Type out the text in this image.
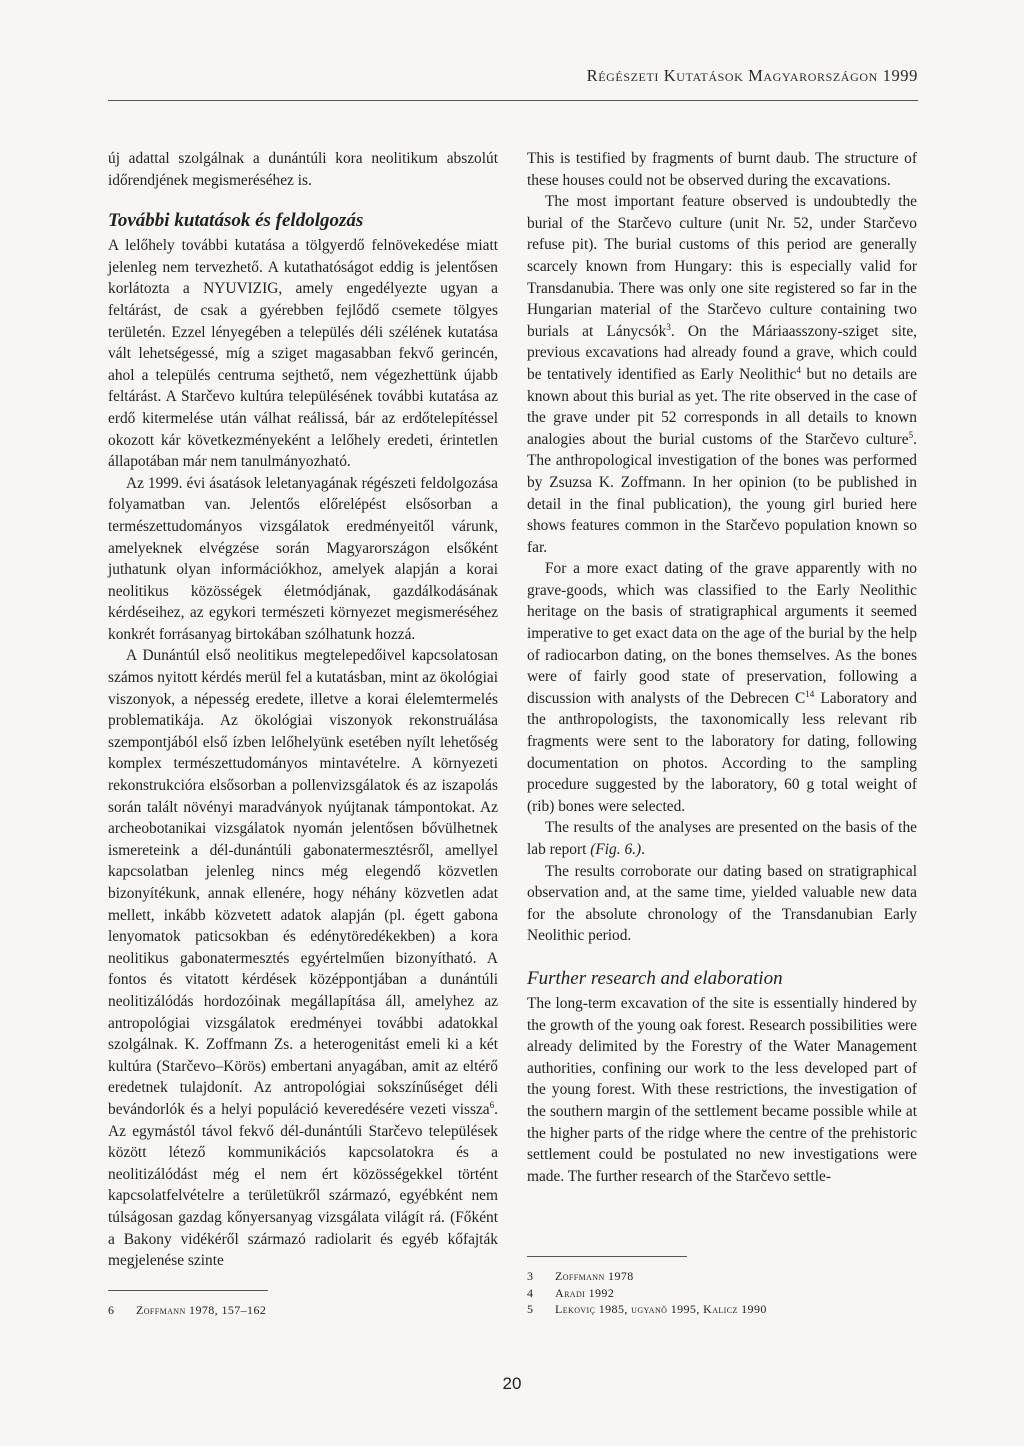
Régészeti Kutatások Magyarországon 1999

új adattal szolgálnak a dunántúli kora neolitikum abszolút időrendjének megismeréséhez is.

További kutatások és feldolgozás

A lelőhely további kutatása a tölgyerdő felnövekedése miatt jelenleg nem tervezhető. A kutathatóságot eddig is jelentősen korlátozta a NYUVIZIG, amely engedélyezte ugyan a feltárást, de csak a gyérebben fejlődő csemete tölgyes területén. Ezzel lényegében a település déli szélének kutatása vált lehetségessé, míg a sziget magasabban fekvő gerincén, ahol a település centruma sejthető, nem végezhettünk újabb feltárást. A Starčevo kultúra településének további kutatása az erdő kitermelése után válhat reálissá, bár az erdőtelepítéssel okozott kár következményeként a lelőhely eredeti, érintetlen állapotában már nem tanulmányozható.

Az 1999. évi ásatások leletanyagának régészeti feldolgozása folyamatban van. Jelentős előrelépést elsősorban a természettudományos vizsgálatok eredményeitől várunk, amelyeknek elvégzése során Magyarországon elsőként juthatunk olyan információkhoz, amelyek alapján a korai neolitikus közösségek életmódjának, gazdálkodásának kérdéseihez, az egykori természeti környezet megismeréséhez konkrét forrásanyag birtokában szólhatunk hozzá.

A Dunántúl első neolitikus megtelepedőivel kapcsolatosan számos nyitott kérdés merül fel a kutatásban, mint az ökológiai viszonyok, a népesség eredete, illetve a korai élelemtermelés problematikája. Az ökológiai viszonyok rekonstruálása szempontjából első ízben lelőhelyünk esetében nyílt lehetőség komplex természettudományos mintavételre. A környezeti rekonstrukcióra elsősorban a pollenvizsgálatok és az iszapolás során talált növényi maradványok nyújtanak támpontokat. Az archeobotanikai vizsgálatok nyomán jelentősen bővülhetnek ismereteink a dél-dunántúli gabonatermesztésről, amellyel kapcsolatban jelenleg nincs még elegendő közvetlen bizonyítékunk, annak ellenére, hogy néhány közvetlen adat mellett, inkább közvetett adatok alapján (pl. égett gabona lenyomatok paticsokban és edénytöredékekben) a kora neolitikus gabonatermesztés egyértelműen bizonyítható. A fontos és vitatott kérdések középpontjában a dunántúli neolitizálódás hordozóinak megállapítása áll, amelyhez az antropológiai vizsgálatok eredményei további adatokkal szolgálnak. K. Zoffmann Zs. a heterogenitást emeli ki a két kultúra (Starčevo–Körös) embertani anyagában, amit az eltérő eredetnek tulajdonít. Az antropológiai sokszínűséget déli bevándorlók és a helyi populáció keveredésére vezeti vissza$^6$. Az egymástól távol fekvő dél-dunántúli Starčevo települések között létező kommunikációs kapcsolatokra és a neolitizálódást még el nem ért közösségekkel történt kapcsolatfelvételre a területükről származó, egyébként nem túlságosan gazdag kőnyersanyag vizsgálata világít rá. (Főként a Bakony vidékéről származó radiolarit és egyéb kőfajták megjelenése szinte

This is testified by fragments of burnt daub. The structure of these houses could not be observed during the excavations.

The most important feature observed is undoubtedly the burial of the Starčevo culture (unit Nr. 52, under Starčevo refuse pit). The burial customs of this period are generally scarcely known from Hungary: this is especially valid for Transdanubia. There was only one site registered so far in the Hungarian material of the Starčevo culture containing two burials at Lánycsók$^3$. On the Máriaasszony-sziget site, previous excavations had already found a grave, which could be tentatively identified as Early Neolithic$^4$ but no details are known about this burial as yet. The rite observed in the case of the grave under pit 52 corresponds in all details to known analogies about the burial customs of the Starčevo culture$^5$. The anthropological investigation of the bones was performed by Zsuzsa K. Zoffmann. In her opinion (to be published in detail in the final publication), the young girl buried here shows features common in the Starčevo population known so far.

For a more exact dating of the grave apparently with no grave-goods, which was classified to the Early Neolithic heritage on the basis of stratigraphical arguments it seemed imperative to get exact data on the age of the burial by the help of radiocarbon dating, on the bones themselves. As the bones were of fairly good state of preservation, following a discussion with analysts of the Debrecen $C^{14}$ Laboratory and the anthropologists, the taxonomically less relevant rib fragments were sent to the laboratory for dating, following documentation on photos. According to the sampling procedure suggested by the laboratory, 60 g total weight of (rib) bones were selected.

The results of the analyses are presented on the basis of the lab report (Fig. 6.).

The results corroborate our dating based on stratigraphical observation and, at the same time, yielded valuable new data for the absolute chronology of the Transdanubian Early Neolithic period.

Further research and elaboration

The long-term excavation of the site is essentially hindered by the growth of the young oak forest. Research possibilities were already delimited by the Forestry of the Water Management authorities, confining our work to the less developed part of the young forest. With these restrictions, the investigation of the southern margin of the settlement became possible while at the higher parts of the ridge where the centre of the prehistoric settlement could be postulated no new investigations were made. The further research of the Starčevo settle-

6	Zoffmann 1978, 157–162
3	Zoffmann 1978
4	Aradi 1992
5	Lekoviç 1985, ugyanő 1995, Kalicz 1990
20
